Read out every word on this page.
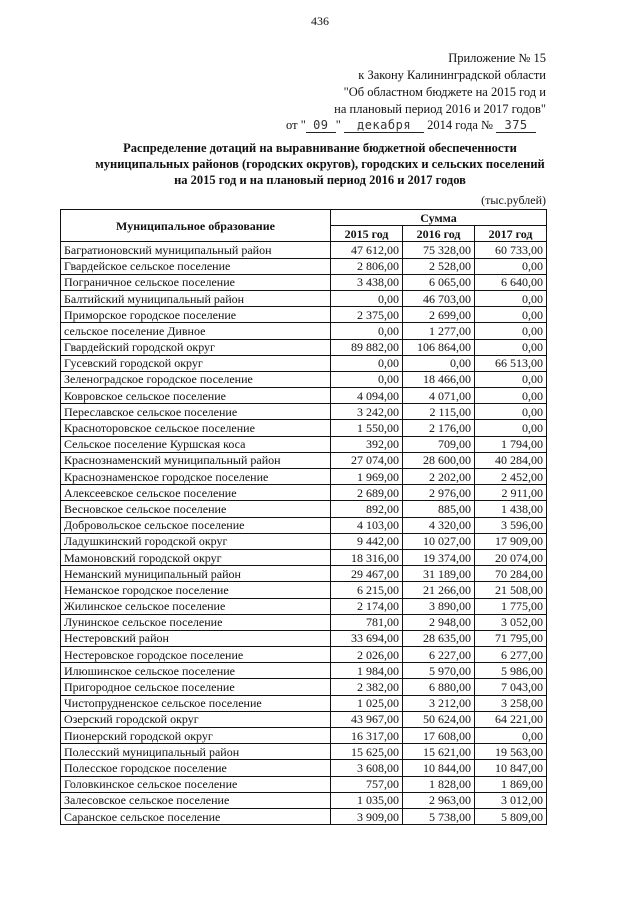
436
Приложение № 15
к Закону Калининградской области
"Об областном бюджете на 2015 год и
на плановый период 2016 и 2017 годов"
от " 09 " декабря 2014 года № 375
Распределение дотаций на выравнивание бюджетной обеспеченности
муниципальных районов (городских округов), городских и сельских поселений
на 2015 год и на плановый период 2016 и 2017 годов
(тыс.рублей)
Муниципальное образование	Сумма		
	2015 год	2016 год	2017 год
Багратионовский муниципальный район	47 612,00	75 328,00	60 733,00
Гвардейское сельское поселение	2 806,00	2 528,00	0,00
Пограничное сельское поселение	3 438,00	6 065,00	6 640,00
Балтийский муниципальный район	0,00	46 703,00	0,00
Приморское городское поселение	2 375,00	2 699,00	0,00
сельское поселение Дивное	0,00	1 277,00	0,00
Гвардейский городской округ	89 882,00	106 864,00	0,00
Гусевский городской округ	0,00	0,00	66 513,00
Зеленоградское городское поселение	0,00	18 466,00	0,00
Ковровское сельское поселение	4 094,00	4 071,00	0,00
Переславское сельское поселение	3 242,00	2 115,00	0,00
Красноторовское сельское поселение	1 550,00	2 176,00	0,00
Сельское поселение Куршская коса	392,00	709,00	1 794,00
Краснознаменский муниципальный район	27 074,00	28 600,00	40 284,00
Краснознаменское городское поселение	1 969,00	2 202,00	2 452,00
Алексеевское сельское поселение	2 689,00	2 976,00	2 911,00
Весновское сельское поселение	892,00	885,00	1 438,00
Добровольское сельское поселение	4 103,00	4 320,00	3 596,00
Ладушкинский городской округ	9 442,00	10 027,00	17 909,00
Мамоновский городской округ	18 316,00	19 374,00	20 074,00
Неманский муниципальный район	29 467,00	31 189,00	70 284,00
Неманское городское поселение	6 215,00	21 266,00	21 508,00
Жилинское сельское поселение	2 174,00	3 890,00	1 775,00
Лунинское сельское поселение	781,00	2 948,00	3 052,00
Нестеровский район	33 694,00	28 635,00	71 795,00
Нестеровское городское поселение	2 026,00	6 227,00	6 277,00
Илюшинское сельское поселение	1 984,00	5 970,00	5 986,00
Пригородное сельское поселение	2 382,00	6 880,00	7 043,00
Чистопрудненское сельское поселение	1 025,00	3 212,00	3 258,00
Озерский городской округ	43 967,00	50 624,00	64 221,00
Пионерский городской округ	16 317,00	17 608,00	0,00
Полесский муниципальный район	15 625,00	15 621,00	19 563,00
Полесское городское поселение	3 608,00	10 844,00	10 847,00
Головкинское сельское поселение	757,00	1 828,00	1 869,00
Залесовское сельское поселение	1 035,00	2 963,00	3 012,00
Саранское сельское поселение	3 909,00	5 738,00	5 809,00
